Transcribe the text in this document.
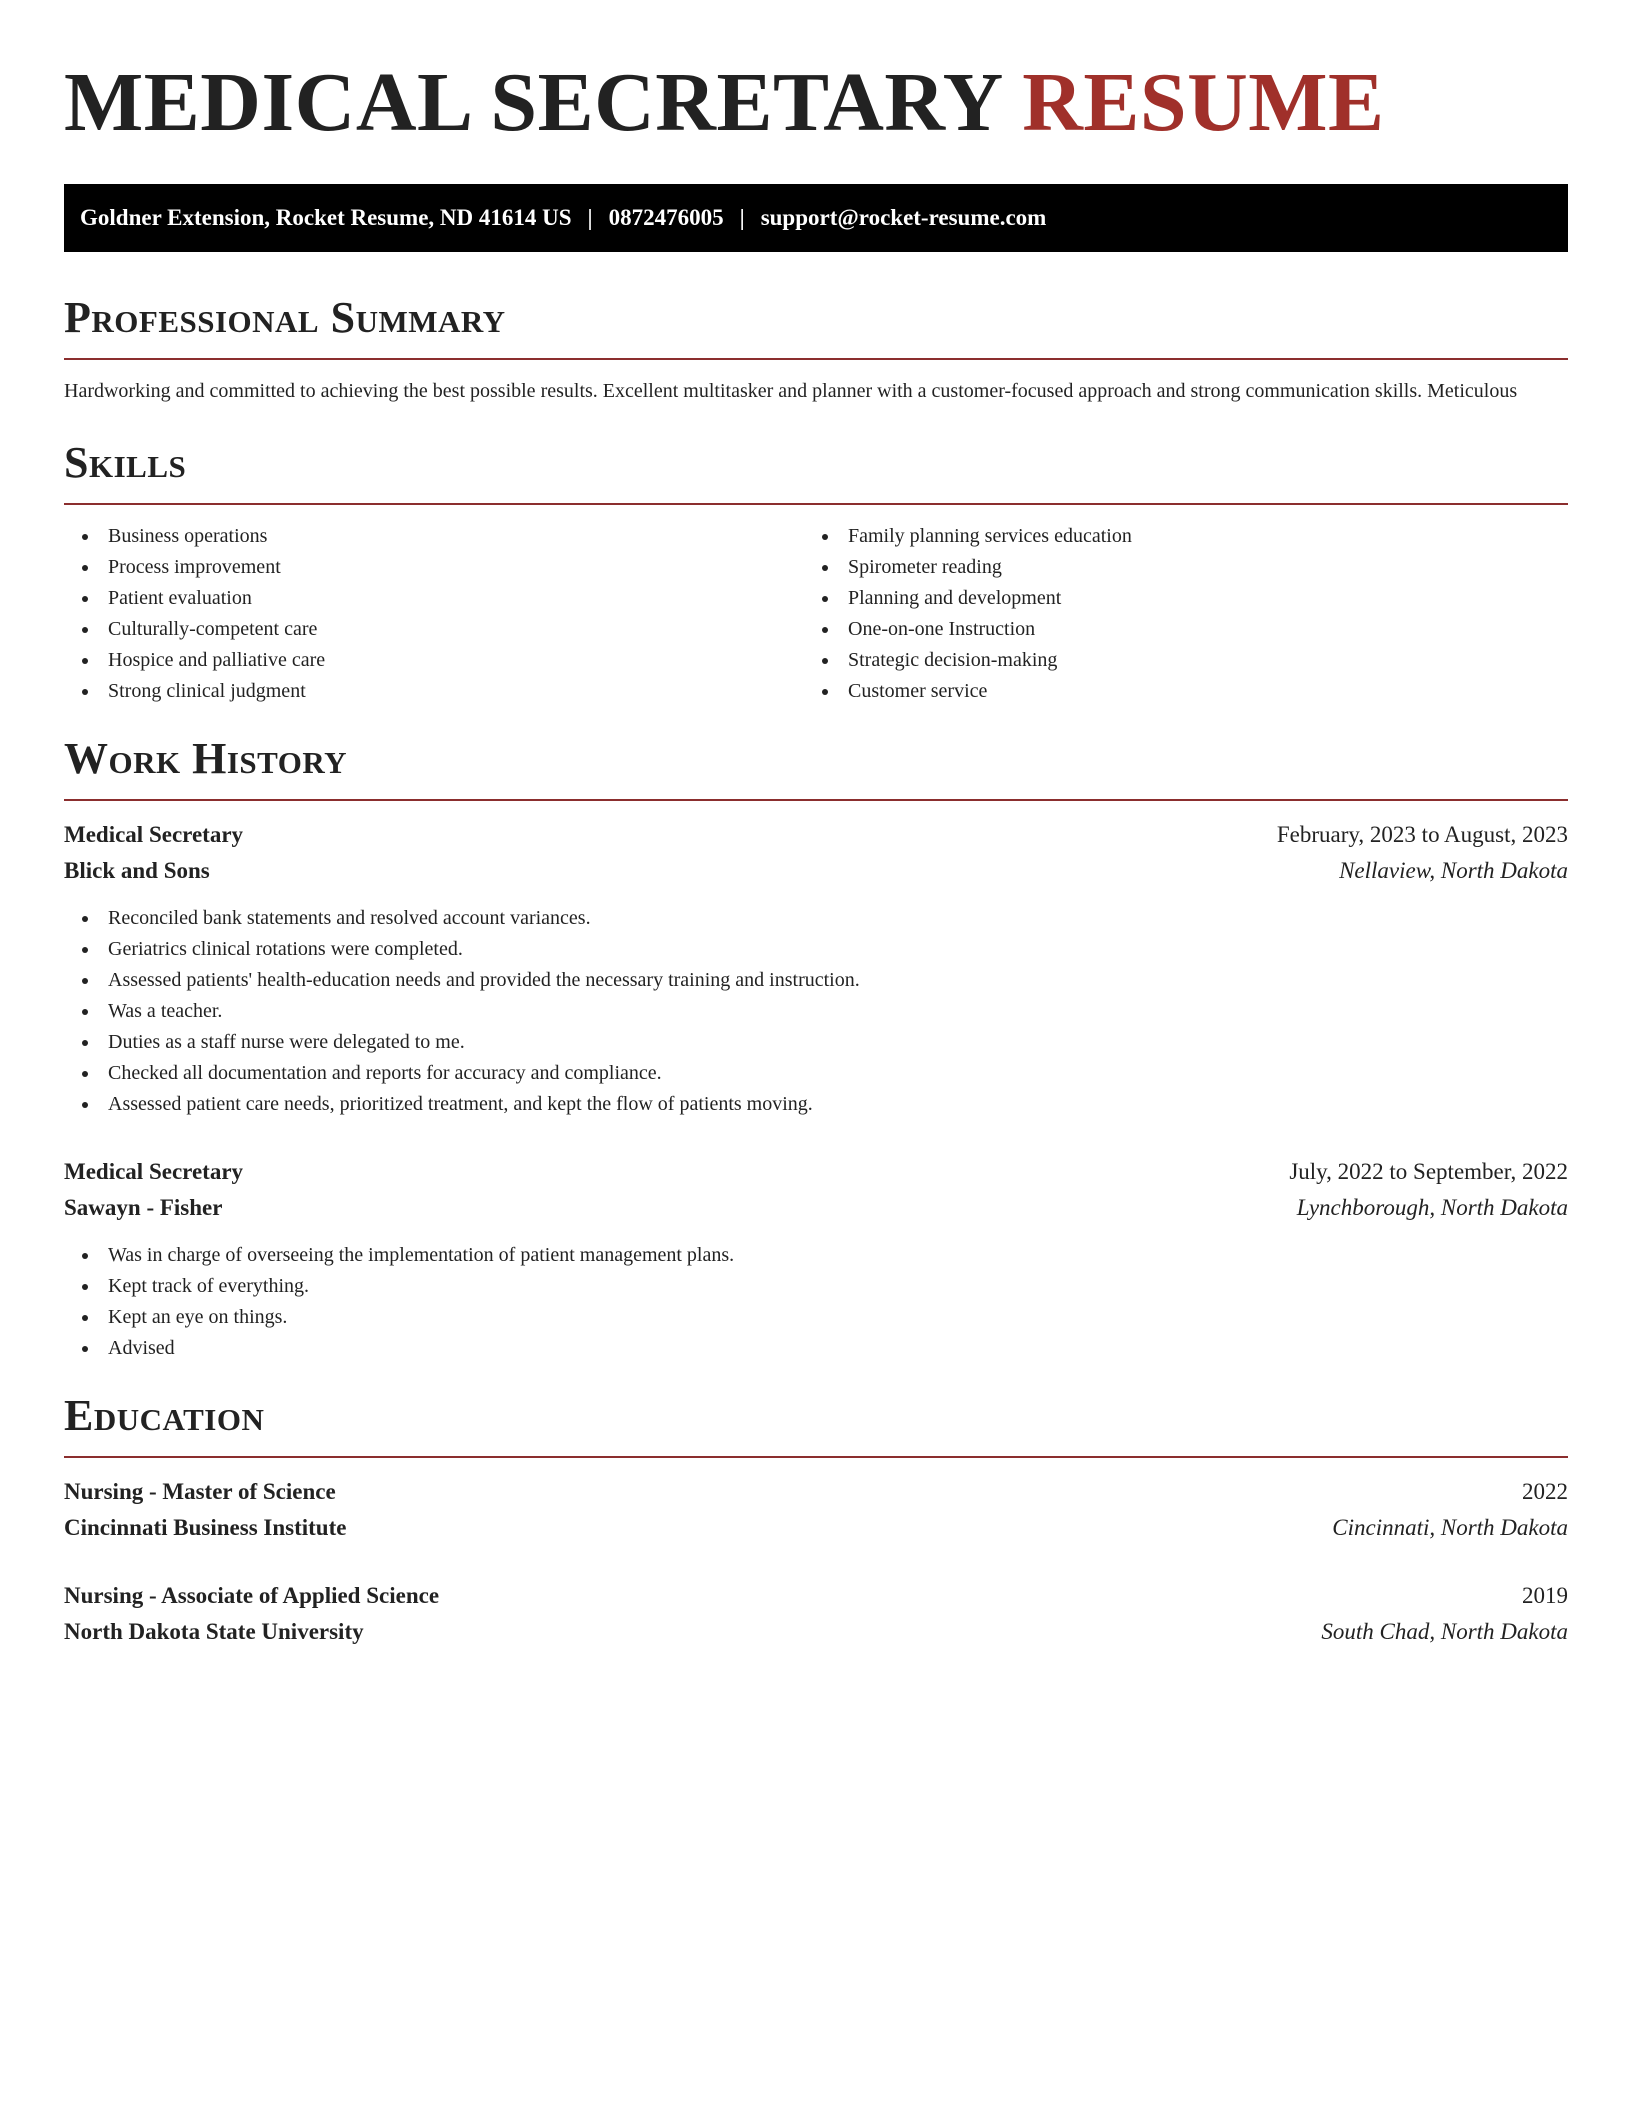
MEDICAL SECRETARY RESUME
Goldner Extension, Rocket Resume, ND 41614 US | 0872476005 | support@rocket-resume.com
Professional Summary
Hardworking and committed to achieving the best possible results. Excellent multitasker and planner with a customer-focused approach and strong communication skills. Meticulous
Skills
Business operations
Process improvement
Patient evaluation
Culturally-competent care
Hospice and palliative care
Strong clinical judgment
Family planning services education
Spirometer reading
Planning and development
One-on-one Instruction
Strategic decision-making
Customer service
Work History
Medical Secretary	February, 2023 to August, 2023
Blick and Sons	Nellaview, North Dakota
Reconciled bank statements and resolved account variances.
Geriatrics clinical rotations were completed.
Assessed patients' health-education needs and provided the necessary training and instruction.
Was a teacher.
Duties as a staff nurse were delegated to me.
Checked all documentation and reports for accuracy and compliance.
Assessed patient care needs, prioritized treatment, and kept the flow of patients moving.
Medical Secretary	July, 2022 to September, 2022
Sawayn - Fisher	Lynchborough, North Dakota
Was in charge of overseeing the implementation of patient management plans.
Kept track of everything.
Kept an eye on things.
Advised
Education
Nursing - Master of Science	2022
Cincinnati Business Institute	Cincinnati, North Dakota
Nursing - Associate of Applied Science	2019
North Dakota State University	South Chad, North Dakota
